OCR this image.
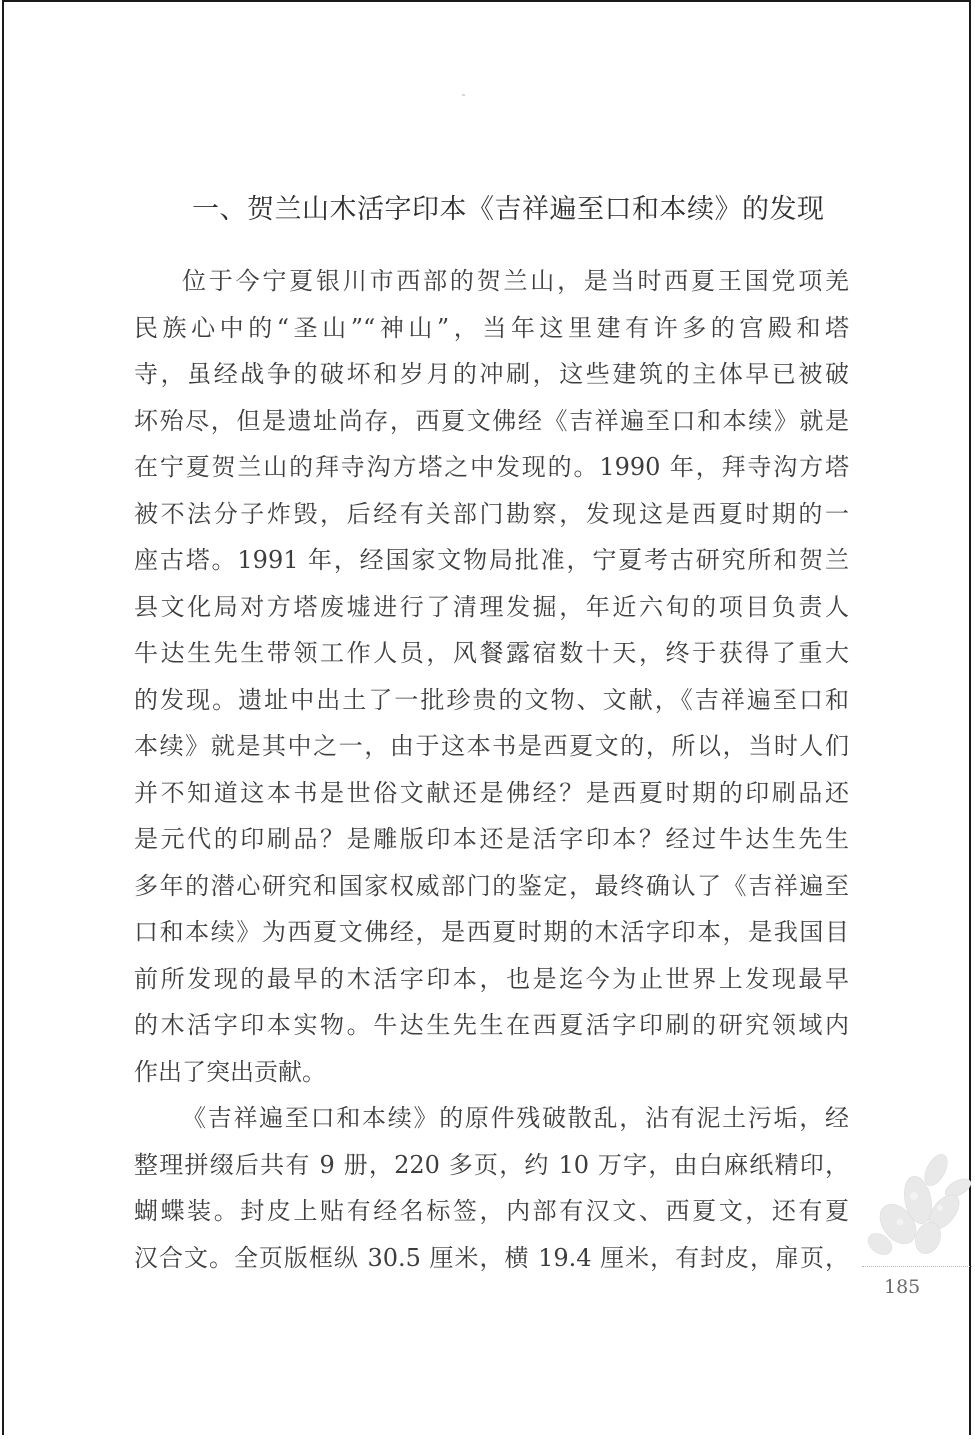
一、贺兰山木活字印本《吉祥遍至口和本续》的发现
位于今宁夏银川市西部的贺兰山，是当时西夏王国党项羌
民族心中的“圣山”“神山”，当年这里建有许多的宫殿和塔
寺，虽经战争的破坏和岁月的冲刷，这些建筑的主体早已被破
坏殆尽，但是遗址尚存，西夏文佛经《吉祥遍至口和本续》就是
在宁夏贺兰山的拜寺沟方塔之中发现的。1990 年，拜寺沟方塔
被不法分子炸毁，后经有关部门勘察，发现这是西夏时期的一
座古塔。1991 年，经国家文物局批准，宁夏考古研究所和贺兰
县文化局对方塔废墟进行了清理发掘，年近六旬的项目负责人
牛达生先生带领工作人员，风餐露宿数十天，终于获得了重大
的发现。遗址中出土了一批珍贵的文物、文献，《吉祥遍至口和
本续》就是其中之一，由于这本书是西夏文的，所以，当时人们
并不知道这本书是世俗文献还是佛经？是西夏时期的印刷品还
是元代的印刷品？是雕版印本还是活字印本？经过牛达生先生
多年的潜心研究和国家权威部门的鉴定，最终确认了《吉祥遍至
口和本续》为西夏文佛经，是西夏时期的木活字印本，是我国目
前所发现的最早的木活字印本，也是迄今为止世界上发现最早
的木活字印本实物。牛达生先生在西夏活字印刷的研究领域内
作出了突出贡献。
《吉祥遍至口和本续》的原件残破散乱，沾有泥土污垢，经
整理拼缀后共有 9 册，220 多页，约 10 万字，由白麻纸精印，
蝴蝶装。封皮上贴有经名标签，内部有汉文、西夏文，还有夏
汉合文。全页版框纵 30.5 厘米，横 19.4 厘米，有封皮，扉页，

185
